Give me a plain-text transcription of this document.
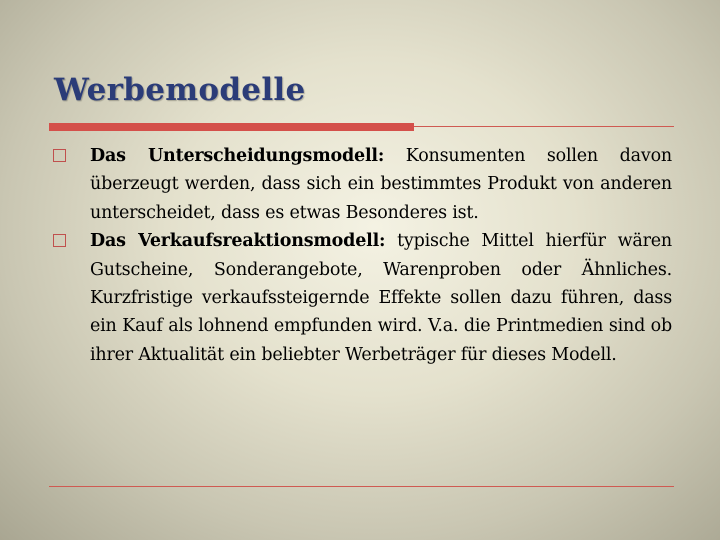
Werbemodelle
Das Unterscheidungsmodell: Konsumenten sollen davon überzeugt werden, dass sich ein bestimmtes Produkt von anderen unterscheidet, dass es etwas Besonderes ist.
Das Verkaufsreaktionsmodell: typische Mittel hierfür wären Gutscheine, Sonderangebote, Warenproben oder Ähnliches. Kurzfristige verkaufssteigernde Effekte sollen dazu führen, dass ein Kauf als lohnend empfunden wird. V.a. die Printmedien sind ob ihrer Aktualität ein beliebter Werbeträger für dieses Modell.
